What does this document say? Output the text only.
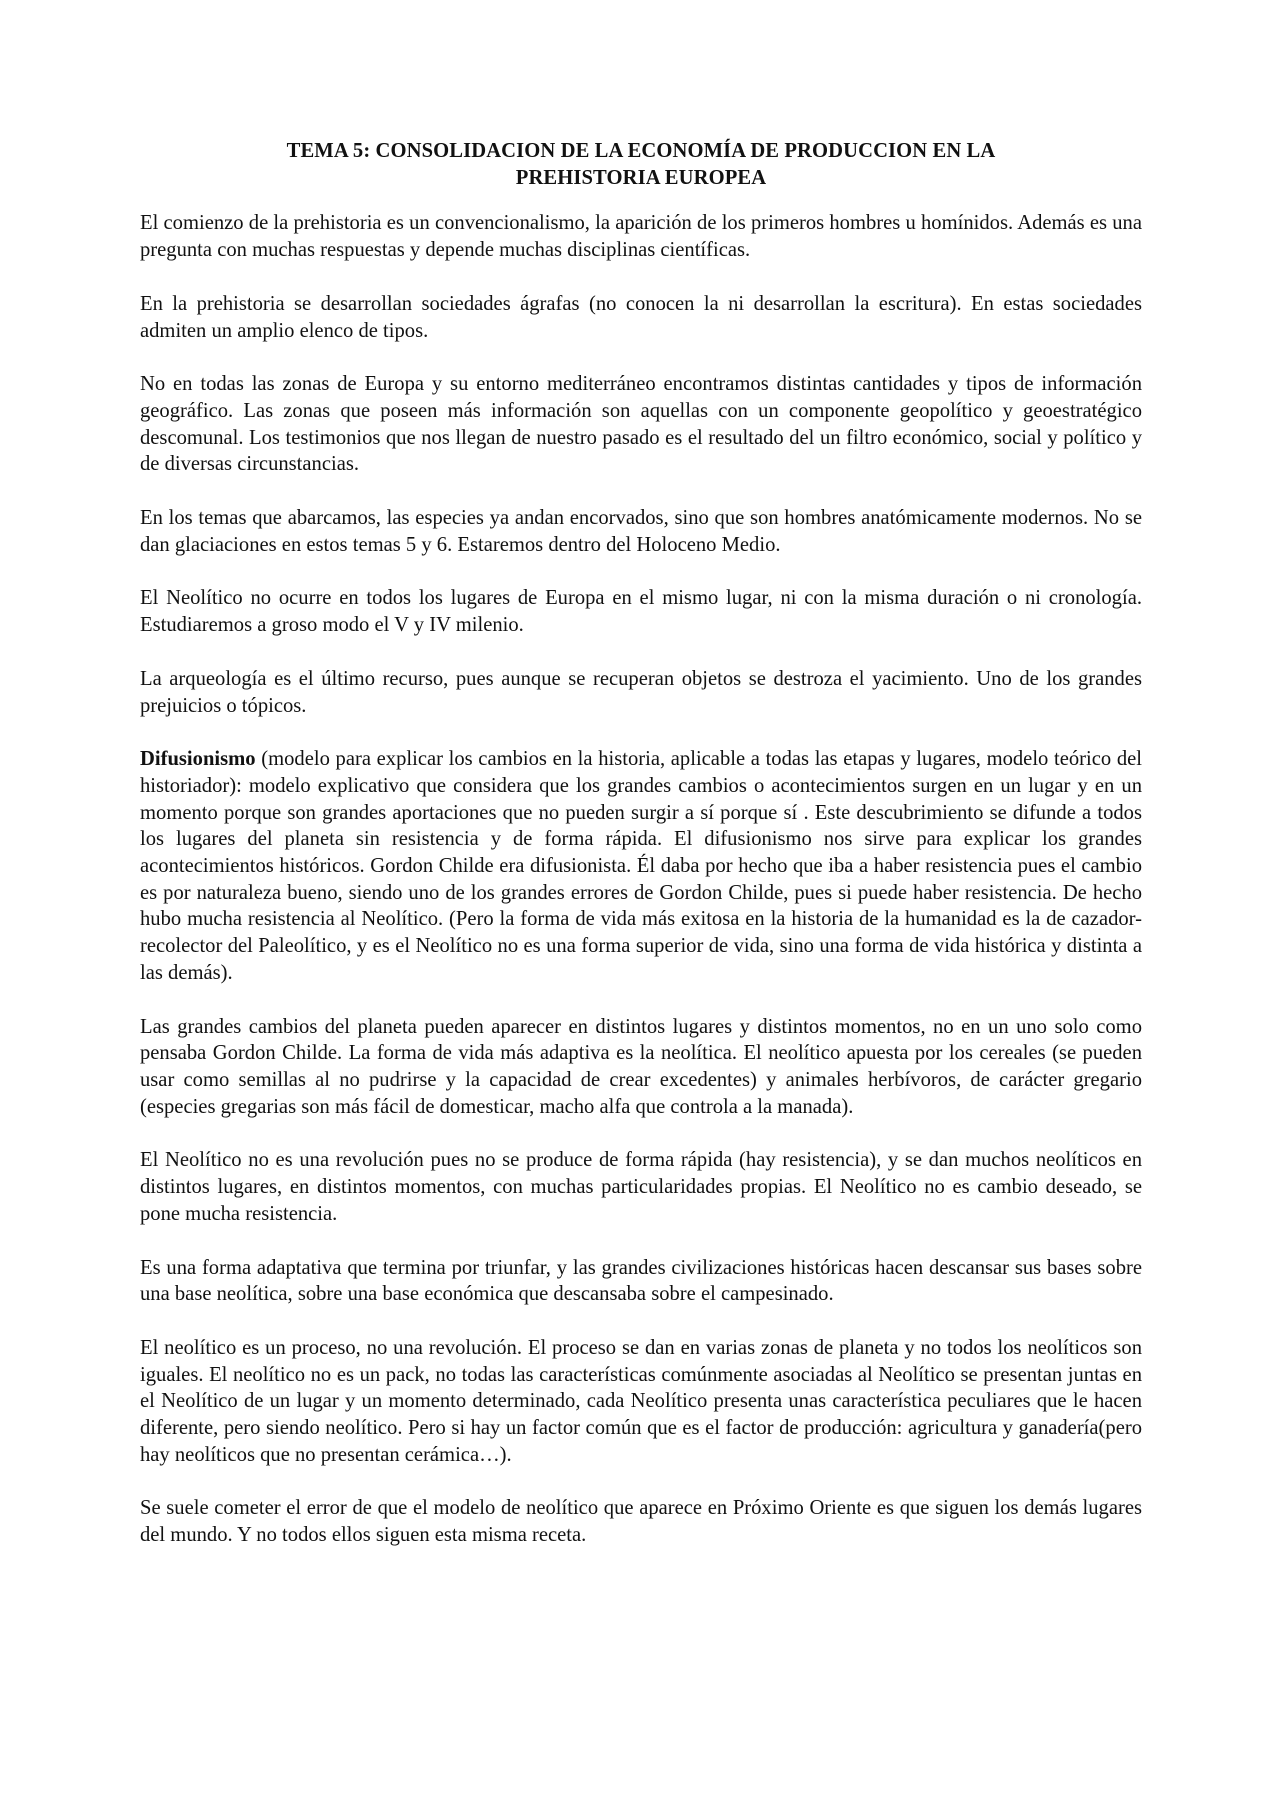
TEMA 5: CONSOLIDACION DE LA ECONOMÍA DE PRODUCCION EN LA
PREHISTORIA EUROPEA

El comienzo de la prehistoria es un convencionalismo, la aparición de los primeros hombres u homínidos. Además es una pregunta con muchas respuestas y depende muchas disciplinas científicas.

En la prehistoria se desarrollan sociedades ágrafas (no conocen la ni desarrollan la escritura). En estas sociedades admiten un amplio elenco de tipos.

No en todas las zonas de Europa y su entorno mediterráneo encontramos distintas cantidades y tipos de información geográfico. Las zonas que poseen más información son aquellas con un componente geopolítico y geoestratégico descomunal. Los testimonios que nos llegan de nuestro pasado es el resultado del un filtro económico, social y político y de diversas circunstancias.

En los temas que abarcamos, las especies ya andan encorvados, sino que son hombres anatómicamente modernos. No se dan glaciaciones en estos temas 5 y 6. Estaremos dentro del Holoceno Medio.

El Neolítico no ocurre en todos los lugares de Europa en el mismo lugar, ni con la misma duración o ni cronología. Estudiaremos a groso modo el V y IV milenio.

La arqueología es el último recurso, pues aunque se recuperan objetos se destroza el yacimiento. Uno de los grandes prejuicios o tópicos.

Difusionismo (modelo para explicar los cambios en la historia, aplicable a todas las etapas y lugares, modelo teórico del historiador): modelo explicativo que considera que los grandes cambios o acontecimientos surgen en un lugar y en un momento porque son grandes aportaciones que no pueden surgir a sí porque sí . Este descubrimiento se difunde a todos los lugares del planeta sin resistencia y de forma rápida. El difusionismo nos sirve para explicar los grandes acontecimientos históricos. Gordon Childe era difusionista. Él daba por hecho que iba a haber resistencia pues el cambio es por naturaleza bueno, siendo uno de los grandes errores de Gordon Childe, pues si puede haber resistencia. De hecho hubo mucha resistencia al Neolítico. (Pero la forma de vida más exitosa en la historia de la humanidad es la de cazador-recolector del Paleolítico, y es el Neolítico no es una forma superior de vida, sino una forma de vida histórica y distinta a las demás).

Las grandes cambios del planeta pueden aparecer en distintos lugares y distintos momentos, no en un uno solo como pensaba Gordon Childe. La forma de vida más adaptiva es la neolítica. El neolítico apuesta por los cereales (se pueden usar como semillas al no pudrirse y la capacidad de crear excedentes) y animales herbívoros, de carácter gregario (especies gregarias son más fácil de domesticar, macho alfa que controla a la manada).

El Neolítico no es una revolución pues no se produce de forma rápida (hay resistencia), y se dan muchos neolíticos en distintos lugares, en distintos momentos, con muchas particularidades propias. El Neolítico no es cambio deseado, se pone mucha resistencia.

Es una forma adaptativa que termina por triunfar, y las grandes civilizaciones históricas hacen descansar sus bases sobre una base neolítica, sobre una base económica que descansaba sobre el campesinado.

El neolítico es un proceso, no una revolución. El proceso se dan en varias zonas de planeta y no todos los neolíticos son iguales. El neolítico no es un pack, no todas las características comúnmente asociadas al Neolítico se presentan juntas en el Neolítico de un lugar y un momento determinado, cada Neolítico presenta unas característica peculiares que le hacen diferente, pero siendo neolítico. Pero si hay un factor común que es el factor de producción: agricultura y ganadería(pero hay neolíticos que no presentan cerámica…).

Se suele cometer el error de que el modelo de neolítico que aparece en Próximo Oriente es que siguen los demás lugares del mundo. Y no todos ellos siguen esta misma receta.
